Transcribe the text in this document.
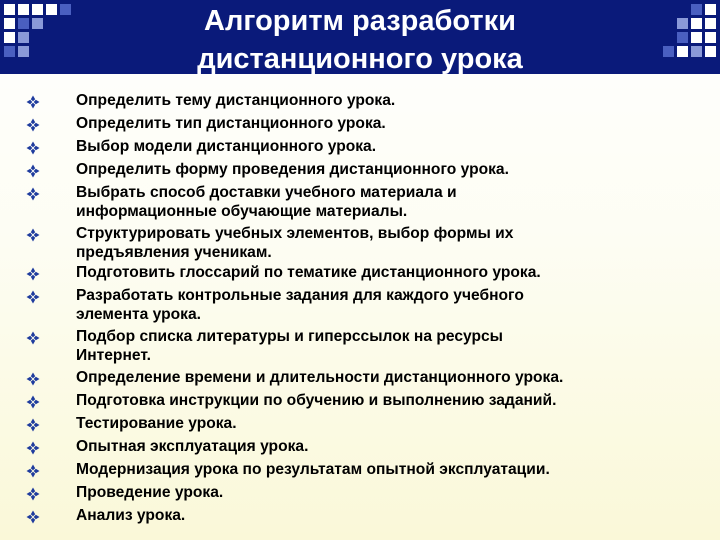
Алгоритм разработки
дистанционного урока
Определить тему дистанционного урока.
Определить тип дистанционного урока.
Выбор модели дистанционного урока.
Определить форму проведения дистанционного урока.
Выбрать способ доставки учебного материала и
информационные обучающие материалы.
Структурировать учебных элементов, выбор формы их
предъявления ученикам.
Подготовить глоссарий по тематике дистанционного урока.
Разработать контрольные задания для каждого учебного
элемента урока.
Подбор списка литературы и гиперссылок на ресурсы
Интернет.
Определение времени и длительности дистанционного урока.
Подготовка инструкции по обучению и выполнению заданий.
Тестирование урока.
Опытная эксплуатация урока.
Модернизация урока по результатам опытной эксплуатации.
Проведение урока.
Анализ урока.
